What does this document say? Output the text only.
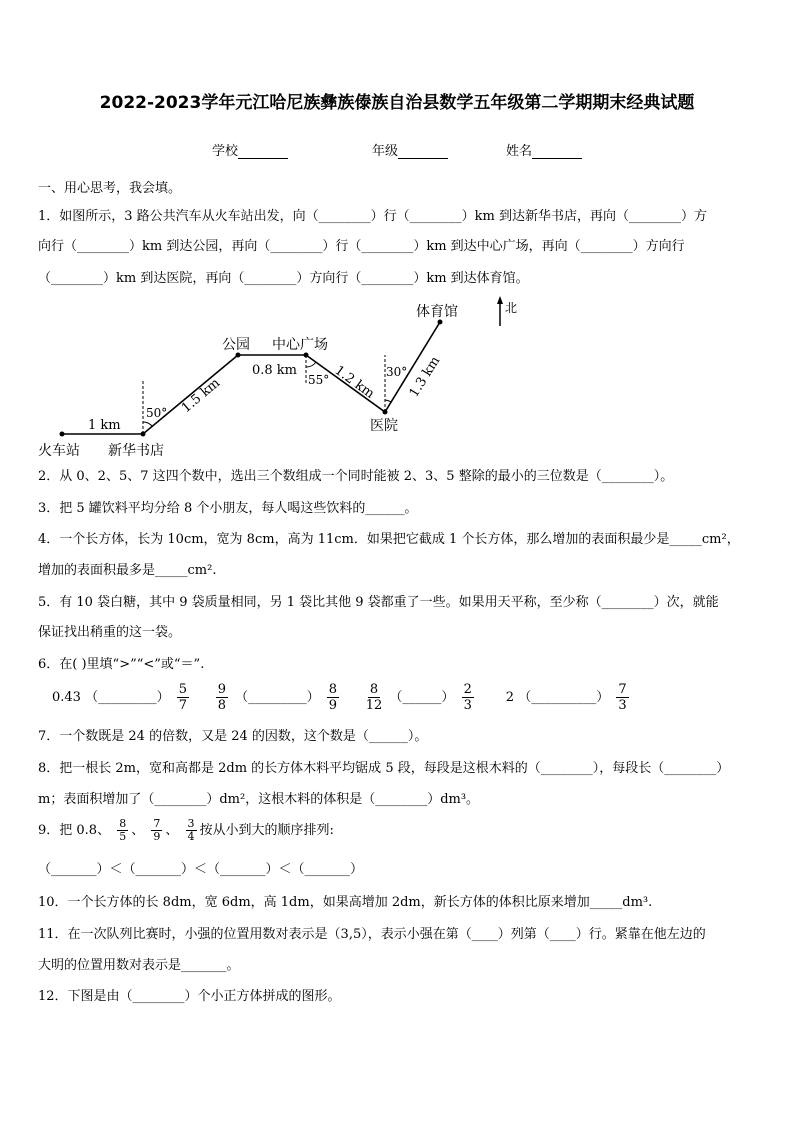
2022-2023学年元江哈尼族彝族傣族自治县数学五年级第二学期期末经典试题
学校	年级	姓名
一、用心思考，我会填。
1．如图所示，3 路公共汽车从火车站出发，向（________）行（________）km 到达新华书店，再向（________）方
向行（________）km 到达公园，再向（________）行（________）km 到达中心广场，再向（________）方向行
（________）km 到达医院，再向（________）方向行（________）km 到达体育馆。
火车站 新华书店
公园 中心广场
医院
体育馆	北
1 km
1.5 km
0.8 km	1.2 km 1.3 km
50°
55°
30°
2．从 0、2、5、7 这四个数中，选出三个数组成一个同时能被 2、3、5 整除的最小的三位数是（________）。
3．把 5 罐饮料平均分给 8 个小朋友，每人喝这些饮料的______。
4．一个长方体，长为 10cm，宽为 8cm，高为 11cm．如果把它截成 1 个长方体，那么增加的表面积最少是_____cm²，
增加的表面积最多是_____cm².
5．有 10 袋白糖，其中 9 袋质量相同，另 1 袋比其他 9 袋都重了一些。如果用天平称，至少称（________）次，就能
保证找出稍重的这一袋。
6．在( )里填“>”“<”或“＝”.
0.43 （_________） $\frac{5}{7}$
$\frac{9}{8}$ （_________） $\frac{8}{9}$
$\frac{8}{12}$ （______） $\frac{2}{3} 2$ （__________） $\frac{7}{3}$
7．一个数既是 24 的倍数，又是 24 的因数，这个数是（______）。
8．把一根长 2m，宽和高都是 2dm 的长方体木料平均锯成 5 段，每段是这根木料的（________），每段长（________）
m；表面积增加了（________）dm²，这根木料的体积是（________）dm³。
9．把 0.8、 $\frac{8}{5}$ 、 $\frac{7}{9}$ 、 $\frac{3}{4}$ 按从小到大的顺序排列:
（_______）＜（_______）＜（_______）＜（_______）
10．一个长方体的长 8dm，宽 6dm，高 1dm，如果高增加 2dm，新长方体的体积比原来增加_____dm³.
11．在一次队列比赛时，小强的位置用数对表示是（3,5），表示小强在第（____）列第（____）行。紧靠在他左边的
大明的位置用数对表示是_______。
12．下图是由（________）个小正方体拼成的图形。
